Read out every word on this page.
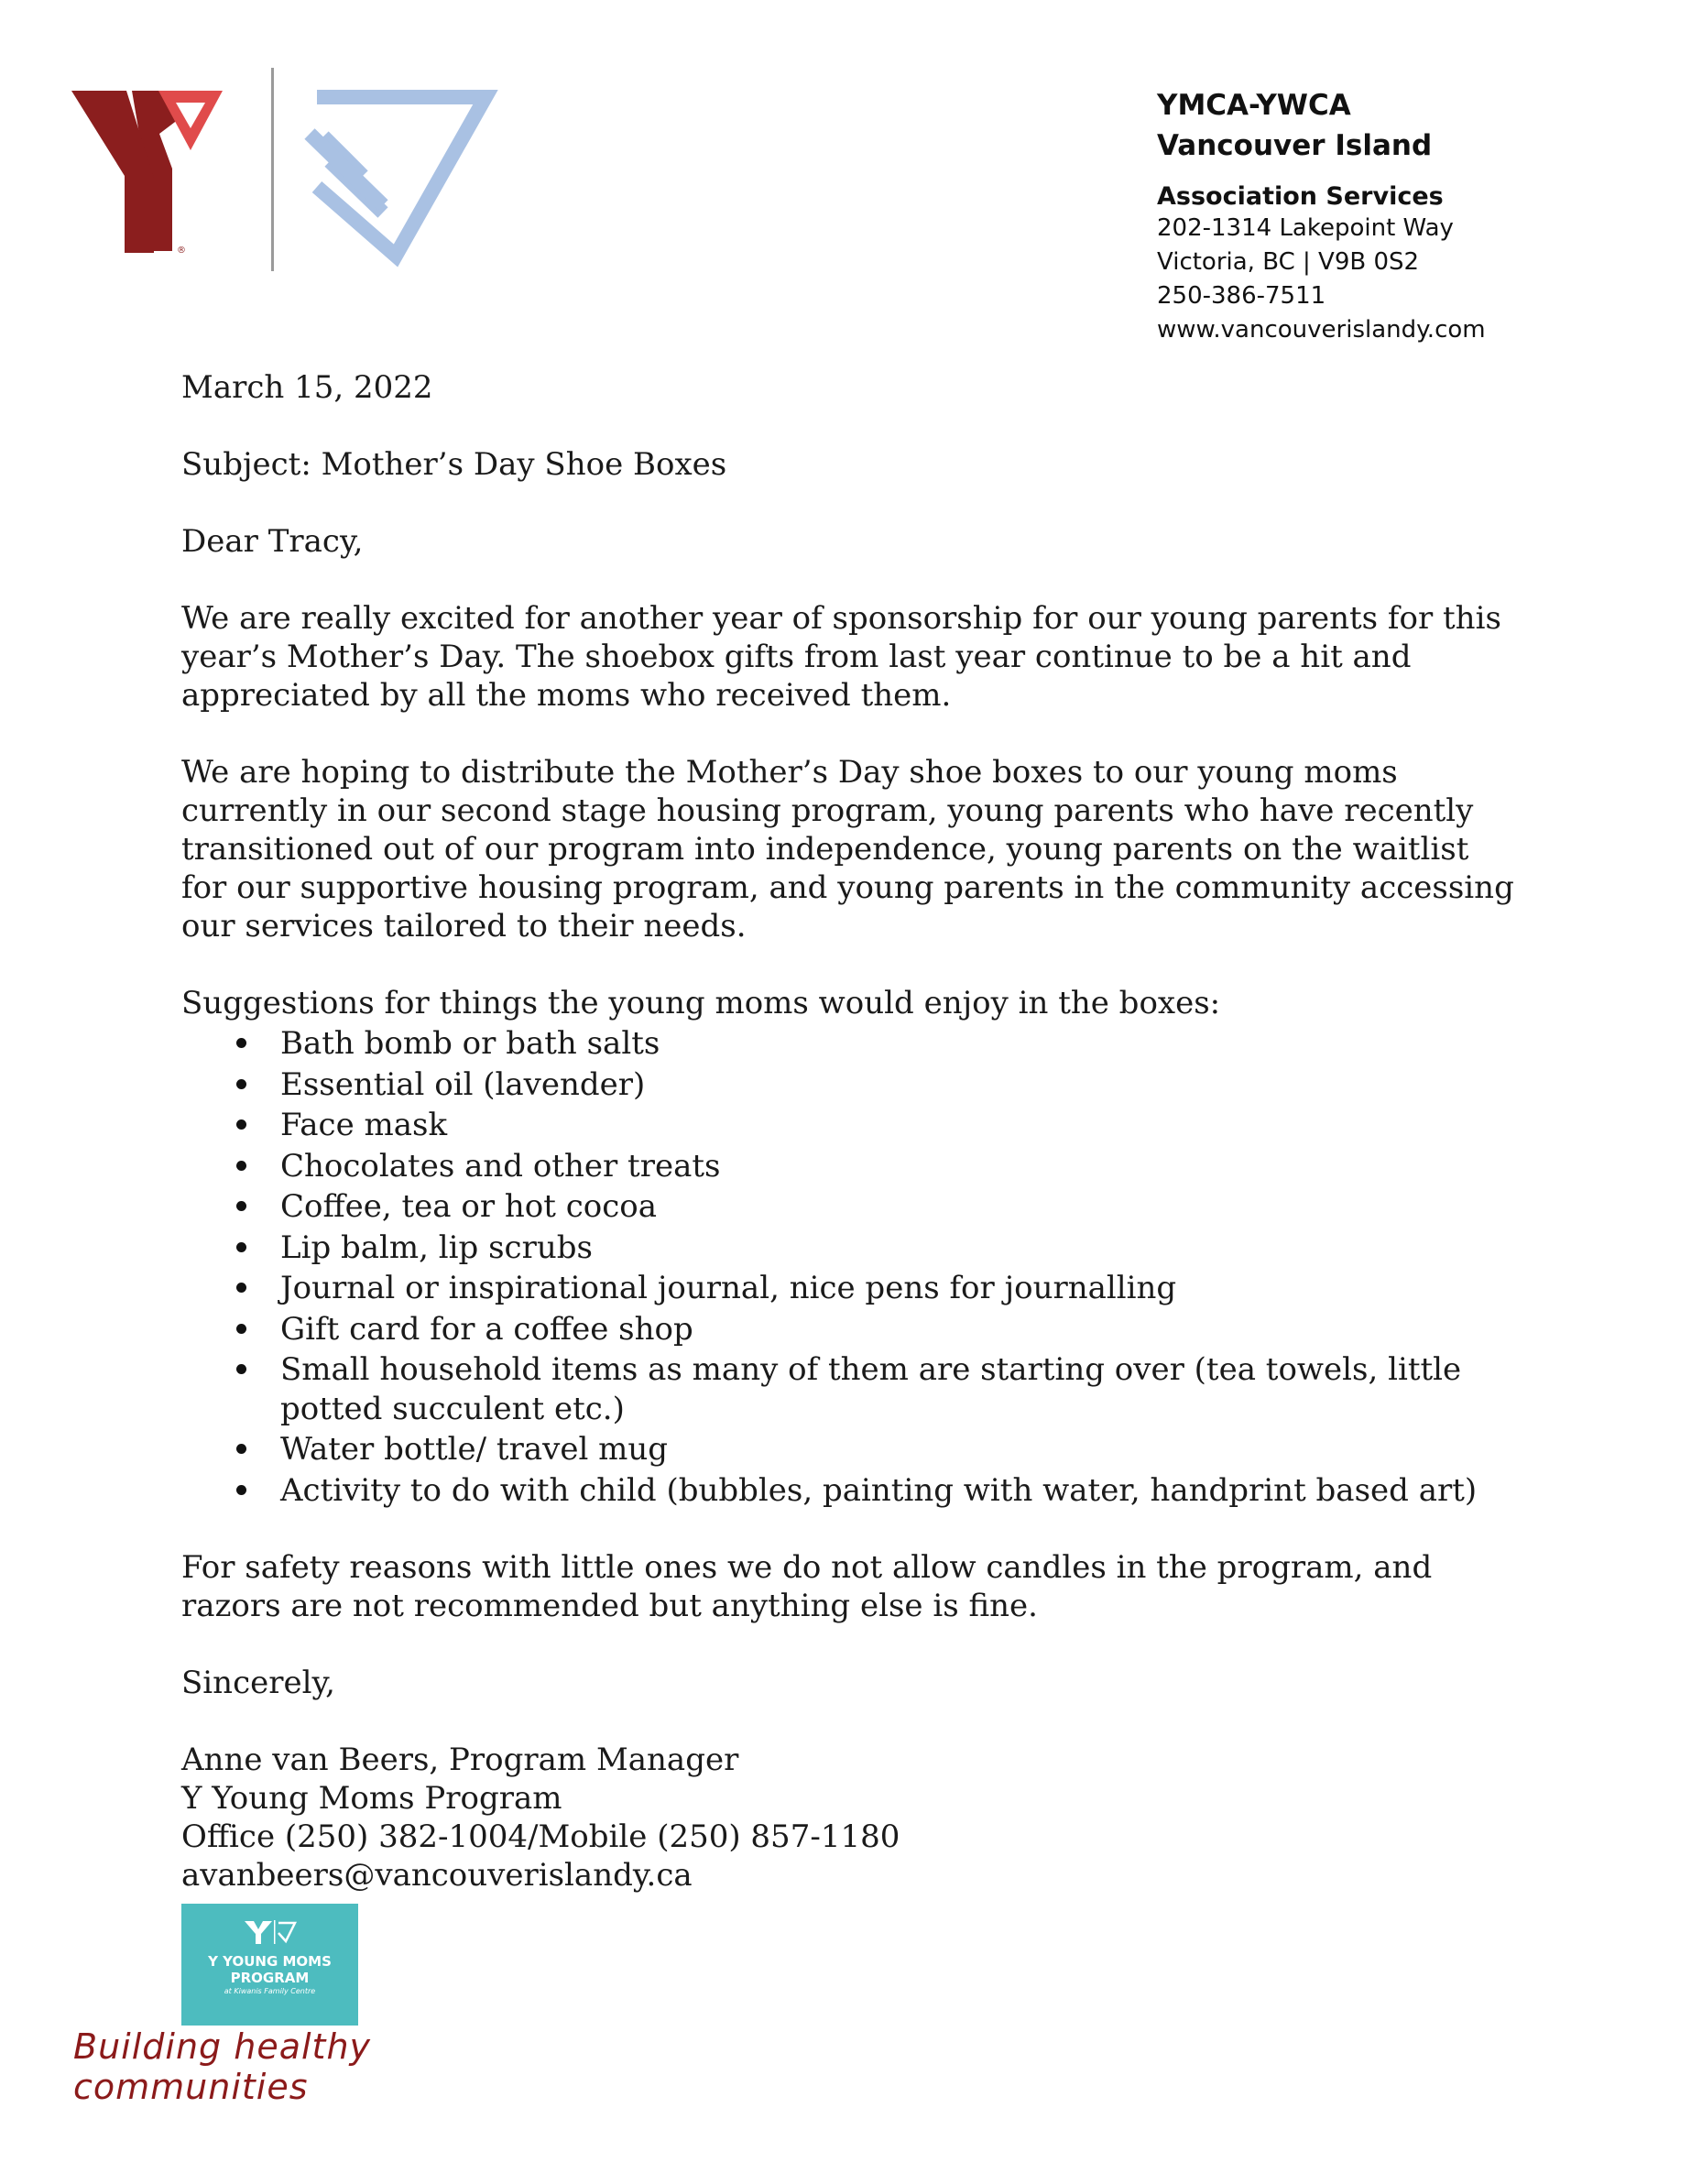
®
YMCA-YWCA
Vancouver Island
Association Services
202-1314 Lakepoint Way
Victoria, BC | V9B 0S2
250-386-7511
www.vancouverislandy.com

March 15, 2022

Subject: Mother’s Day Shoe Boxes

Dear Tracy,

We are really excited for another year of sponsorship for our young parents for this year’s Mother’s Day. The shoebox gifts from last year continue to be a hit and appreciated by all the moms who received them.

We are hoping to distribute the Mother’s Day shoe boxes to our young moms currently in our second stage housing program, young parents who have recently transitioned out of our program into independence, young parents on the waitlist for our supportive housing program, and young parents in the community accessing our services tailored to their needs.

Suggestions for things the young moms would enjoy in the boxes:

Bath bomb or bath salts
Essential oil (lavender)
Face mask
Chocolates and other treats
Coffee, tea or hot cocoa
Lip balm, lip scrubs
Journal or inspirational journal, nice pens for journalling
Gift card for a coffee shop
Small household items as many of them are starting over (tea towels, little potted succulent etc.)
Water bottle/ travel mug
Activity to do with child (bubbles, painting with water, handprint based art)

For safety reasons with little ones we do not allow candles in the program, and razors are not recommended but anything else is fine.

Sincerely,

Anne van Beers, Program Manager

Y Young Moms Program

Office (250) 382-1004/Mobile (250) 857-1180

avanbeers@vancouverislandy.ca

Y YOUNG MOMS
PROGRAM
at Kiwanis Family Centre
Building healthy
communities
